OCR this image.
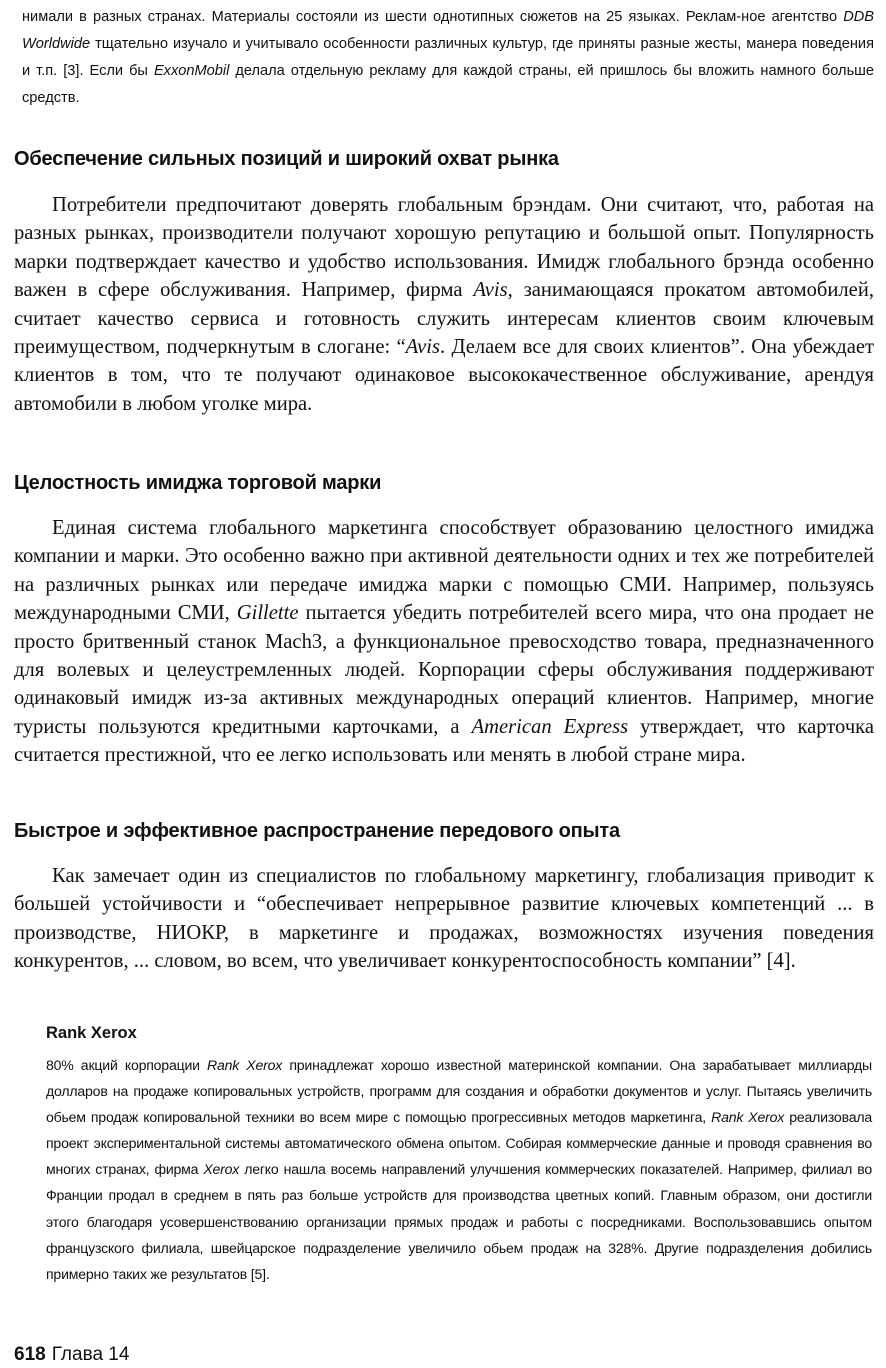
нимали в разных странах. Материалы состояли из шести однотипных сюжетов на 25 языках. Реклам-ное агентство DDB Worldwide тщательно изучало и учитывало особенности различных культур, где приняты разные жесты, манера поведения и т.п. [3]. Если бы ExxonMobil делала отдельную рекламу для каждой страны, ей пришлось бы вложить намного больше средств.
Обеспечение сильных позиций и широкий охват рынка
Потребители предпочитают доверять глобальным брэндам. Они считают, что, работая на разных рынках, производители получают хорошую репутацию и большой опыт. Популярность марки подтверждает качество и удобство использования. Имидж глобального брэнда особенно важен в сфере обслуживания. Например, фирма Avis, занимающаяся прокатом автомобилей, считает качество сервиса и готовность служить интересам клиентов своим ключевым преимуществом, подчеркнутым в слогане: “Avis. Делаем все для своих клиентов”. Она убеждает клиентов в том, что те получают одинаковое высококачественное обслуживание, арендуя автомобили в любом уголке мира.
Целостность имиджа торговой марки
Единая система глобального маркетинга способствует образованию целостного имиджа компании и марки. Это особенно важно при активной деятельности одних и тех же потребителей на различных рынках или передаче имиджа марки с помощью СМИ. Например, пользуясь международными СМИ, Gillette пытается убедить потребителей всего мира, что она продает не просто бритвенный станок Mach3, а функциональное превосходство товара, предназначенного для волевых и целеустремленных людей. Корпорации сферы обслуживания поддерживают одинаковый имидж из-за активных международных операций клиентов. Например, многие туристы пользуются кредитными карточками, а American Express утверждает, что карточка считается престижной, что ее легко использовать или менять в любой стране мира.
Быстрое и эффективное распространение передового опыта
Как замечает один из специалистов по глобальному маркетингу, глобализация приводит к большей устойчивости и “обеспечивает непрерывное развитие ключевых компетенций ... в производстве, НИОКР, в маркетинге и продажах, возможностях изучения поведения конкурентов, ... словом, во всем, что увеличивает конкурентоспособность компании” [4].
Rank Xerox
80% акций корпорации Rank Xerox принадлежат хорошо известной материнской компании. Она зарабатывает миллиарды долларов на продаже копировальных устройств, программ для создания и обработки документов и услуг. Пытаясь увеличить обьем продаж копировальной техники во всем мире с помощью прогрессивных методов маркетинга, Rank Xerox реализовала проект экспериментальной системы автоматического обмена опытом. Собирая коммерческие данные и проводя сравнения во многих странах, фирма Xerox легко нашла восемь направлений улучшения коммерческих показателей. Например, филиал во Франции продал в среднем в пять раз больше устройств для производства цветных копий. Главным образом, они достигли этого благодаря усовершенствованию организации прямых продаж и работы с посредниками. Воспользовавшись опытом французского филиала, швейцарское подразделение увеличило обьем продаж на 328%. Другие подразделения добились примерно таких же результатов [5].
618 Глава 14
